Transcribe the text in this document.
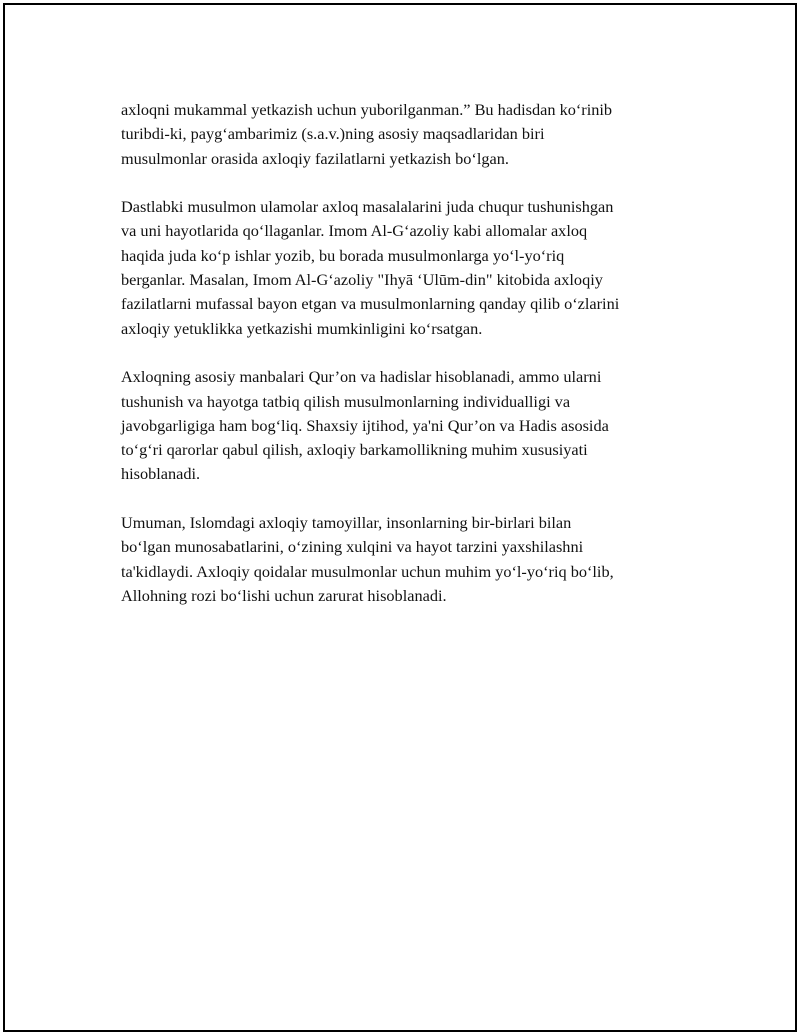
axloqni mukammal yetkazish uchun yuborilganman.” Bu hadisdan ko‘rinib
turibdi-ki, payg‘ambarimiz (s.a.v.)ning asosiy maqsadlaridan biri
musulmonlar orasida axloqiy fazilatlarni yetkazish bo‘lgan.

Dastlabki musulmon ulamolar axloq masalalarini juda chuqur tushunishgan
va uni hayotlarida qo‘llaganlar. Imom Al-G‘azoliy kabi allomalar axloq
haqida juda ko‘p ishlar yozib, bu borada musulmonlarga yo‘l-yo‘riq
berganlar. Masalan, Imom Al-G‘azoliy "Ihyā ‘Ulūm-din" kitobida axloqiy
fazilatlarni mufassal bayon etgan va musulmonlarning qanday qilib o‘zlarini
axloqiy yetuklikka yetkazishi mumkinligini ko‘rsatgan.

Axloqning asosiy manbalari Qur’on va hadislar hisoblanadi, ammo ularni
tushunish va hayotga tatbiq qilish musulmonlarning individualligi va
javobgarligiga ham bog‘liq. Shaxsiy ijtihod, ya'ni Qur’on va Hadis asosida
to‘g‘ri qarorlar qabul qilish, axloqiy barkamollikning muhim xususiyati
hisoblanadi.

Umuman, Islomdagi axloqiy tamoyillar, insonlarning bir-birlari bilan
bo‘lgan munosabatlarini, o‘zining xulqini va hayot tarzini yaxshilashni
ta'kidlaydi. Axloqiy qoidalar musulmonlar uchun muhim yo‘l-yo‘riq bo‘lib,
Allohning rozi bo‘lishi uchun zarurat hisoblanadi.
